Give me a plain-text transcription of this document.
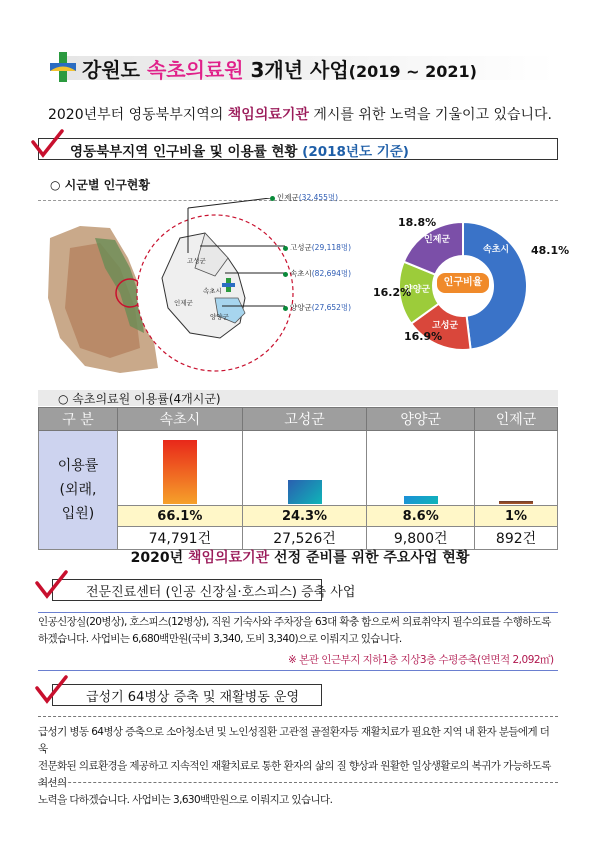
강원도 속초의료원 3개년 사업(2019 ~ 2021)
2020년부터 영동북부지역의 책임의료기관 게시를 위한 노력을 기울이고 있습니다.
영동북부지역 인구비율 및 이용률 현황 (2018년도 기준)
○ 시군별 인구현황
고성군
속초시
인제군
양양군
인제군(32,455명)
고성군(29,118명)
속초시(82,694명)
양양군(27,652명)
인구비율
속초시
고성군
양양군
인제군
48.1%
16.9%
16.2%
18.8%
○ 속초의료원 이용률(4개시군)
구 분	속초시	고성군	양양군	인제군

이용률
(외래,
입원)				

	66.1%	24.3%	8.6%	1%
	74,791건	27,526건	9,800건	892건
2020년 책임의료기관 선정 준비를 위한 주요사업 현황
전문진료센터 (인공 신장실·호스피스) 증축 사업
인공신장실(20병상), 호스피스(12병상), 직원 기숙사와 주차장을 63대 확충 함으로써 의료취약지 필수의료를 수행하도록
하겠습니다. 사업비는 6,680백만원(국비 3,340, 도비 3,340)으로 이뤄지고 있습니다.
※ 본관 인근부지 지하1층 지상3층 수평증축(연면적 2,092㎡)
급성기 64병상 증축 및 재활병동 운영
급성기 병동 64병상 증축으로 소아청소년 및 노인성질환 고관절 골절환자등 재활치료가 필요한 지역 내 환자 분들에게 더욱
전문화된 의료환경을 제공하고 지속적인 재활치료로 통한 환자의 삶의 질 향상과 원활한 일상생활로의 복귀가 가능하도록 최선의
노력을 다하겠습니다. 사업비는 3,630백만원으로 이뤄지고 있습니다.
